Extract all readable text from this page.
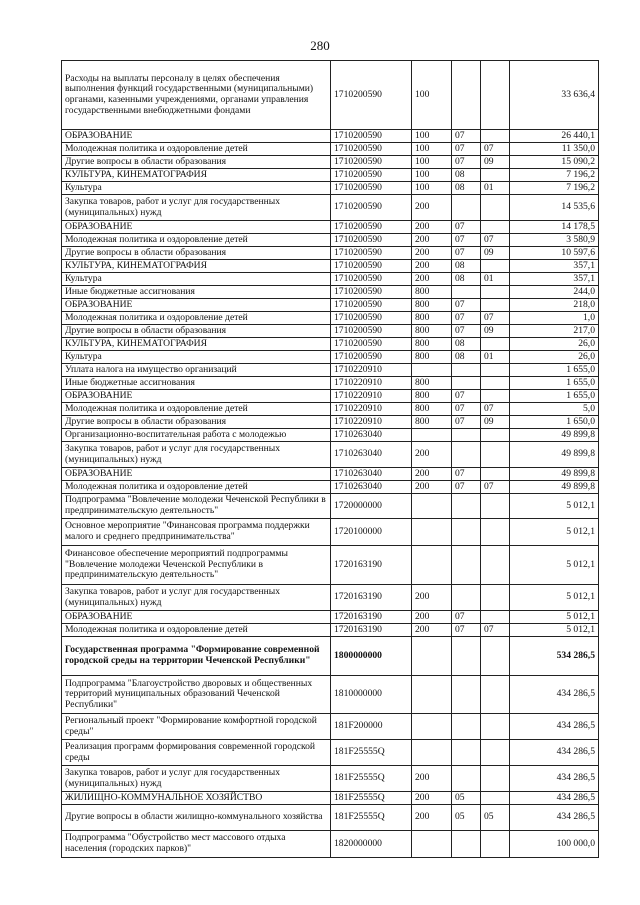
280
Расходы на выплаты персоналу в целях обеспечения выполнения функций государственными (муниципальными) органами, казенными учреждениями, органами управления государственными внебюджетными фондами	1710200590	100			33 636,4
ОБРАЗОВАНИЕ	1710200590	100	07		26 440,1
Молодежная политика и оздоровление детей	1710200590	100	07	07	11 350,0
Другие вопросы в области образования	1710200590	100	07	09	15 090,2
КУЛЬТУРА, КИНЕМАТОГРАФИЯ	1710200590	100	08		7 196,2
Культура	1710200590	100	08	01	7 196,2
Закупка товаров, работ и услуг для государственных (муниципальных) нужд	1710200590	200			14 535,6
ОБРАЗОВАНИЕ	1710200590	200	07		14 178,5
Молодежная политика и оздоровление детей	1710200590	200	07	07	3 580,9
Другие вопросы в области образования	1710200590	200	07	09	10 597,6
КУЛЬТУРА, КИНЕМАТОГРАФИЯ	1710200590	200	08		357,1
Культура	1710200590	200	08	01	357,1
Иные бюджетные ассигнования	1710200590	800			244,0
ОБРАЗОВАНИЕ	1710200590	800	07		218,0
Молодежная политика и оздоровление детей	1710200590	800	07	07	1,0
Другие вопросы в области образования	1710200590	800	07	09	217,0
КУЛЬТУРА, КИНЕМАТОГРАФИЯ	1710200590	800	08		26,0
Культура	1710200590	800	08	01	26,0
Уплата налога на имущество организаций	1710220910				1 655,0
Иные бюджетные ассигнования	1710220910	800			1 655,0
ОБРАЗОВАНИЕ	1710220910	800	07		1 655,0
Молодежная политика и оздоровление детей	1710220910	800	07	07	5,0
Другие вопросы в области образования	1710220910	800	07	09	1 650,0
Организационно-воспитательная работа с молодежью	1710263040				49 899,8
Закупка товаров, работ и услуг для государственных (муниципальных) нужд	1710263040	200			49 899,8
ОБРАЗОВАНИЕ	1710263040	200	07		49 899,8
Молодежная политика и оздоровление детей	1710263040	200	07	07	49 899,8
Подпрограмма "Вовлечение молодежи Чеченской Республики в предпринимательскую деятельность"	1720000000				5 012,1
Основное мероприятие "Финансовая программа поддержки малого и среднего предпринимательства"	1720100000				5 012,1
Финансовое обеспечение мероприятий подпрограммы "Вовлечение молодежи Чеченской Республики в предпринимательскую деятельность"	1720163190				5 012,1
Закупка товаров, работ и услуг для государственных (муниципальных) нужд	1720163190	200			5 012,1
ОБРАЗОВАНИЕ	1720163190	200	07		5 012,1
Молодежная политика и оздоровление детей	1720163190	200	07	07	5 012,1
Государственная программа "Формирование современной городской среды на территории Чеченской Республики"	1800000000				534 286,5
Подпрограмма "Благоустройство дворовых и общественных территорий муниципальных образований Чеченской Республики"	1810000000				434 286,5
Региональный проект "Формирование комфортной городской среды"	181F200000				434 286,5
Реализация программ формирования современной городской среды	181F25555Q				434 286,5
Закупка товаров, работ и услуг для государственных (муниципальных) нужд	181F25555Q	200			434 286,5
ЖИЛИЩНО-КОММУНАЛЬНОЕ ХОЗЯЙСТВО	181F25555Q	200	05		434 286,5
Другие вопросы в области жилищно-коммунального хозяйства	181F25555Q	200	05	05	434 286,5
Подпрограмма "Обустройство мест массового отдыха населения (городских парков)"	1820000000				100 000,0
